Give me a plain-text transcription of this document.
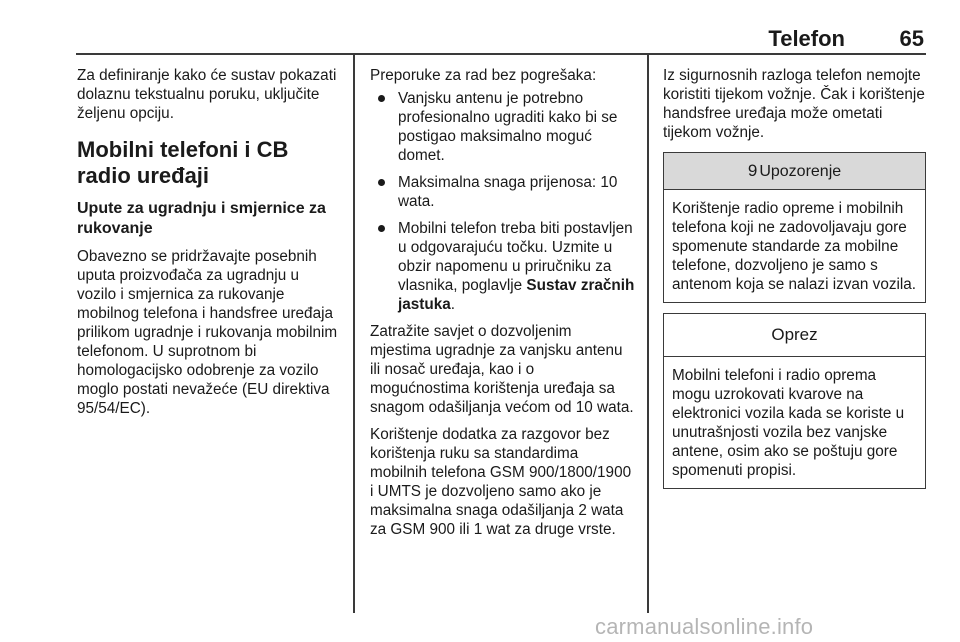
Telefon	65

Za definiranje kako će sustav pokazati dolaznu tekstualnu poruku, uključite željenu opciju.

Mobilni telefoni i CB radio uređaji
Upute za ugradnju i smjernice za rukovanje

Obavezno se pridržavajte posebnih uputa proizvođača za ugradnju u vozilo i smjernica za rukovanje mobilnog telefona i handsfree uređaja prilikom ugradnje i rukovanja mobilnim telefonom. U suprotnom bi homologacijsko odobrenje za vozilo moglo postati nevažeće (EU direktiva 95/54/EC).

Preporuke za rad bez pogrešaka:

Vanjsku antenu je potrebno profesionalno ugraditi kako bi se postigao maksimalno moguć domet.
Maksimalna snaga prijenosa: 10 wata.
Mobilni telefon treba biti postavljen u odgovarajuću točku. Uzmite u obzir napomenu u priručniku za vlasnika, poglavlje Sustav zračnih jastuka.

Zatražite savjet o dozvoljenim mjestima ugradnje za vanjsku antenu ili nosač uređaja, kao i o mogućnostima korištenja uređaja sa snagom odašiljanja većom od 10 wata.

Korištenje dodatka za razgovor bez korištenja ruku sa standardima mobilnih telefona GSM 900/1800/1900 i UMTS je dozvoljeno samo ako je maksimalna snaga odašiljanja 2 wata za GSM 900 ili 1 wat za druge vrste.

Iz sigurnosnih razloga telefon nemojte koristiti tijekom vožnje. Čak i korištenje handsfree uređaja može ometati tijekom vožnje.

9 Upozorenje
Korištenje radio opreme i mobilnih telefona koji ne zadovoljavaju gore spomenute standarde za mobilne telefone, dozvoljeno je samo s antenom koja se nalazi izvan vozila.
Oprez
Mobilni telefoni i radio oprema mogu uzrokovati kvarove na elektronici vozila kada se koriste u unutrašnjosti vozila bez vanjske antene, osim ako se poštuju gore spomenuti propisi.
carmanualsonline.info
